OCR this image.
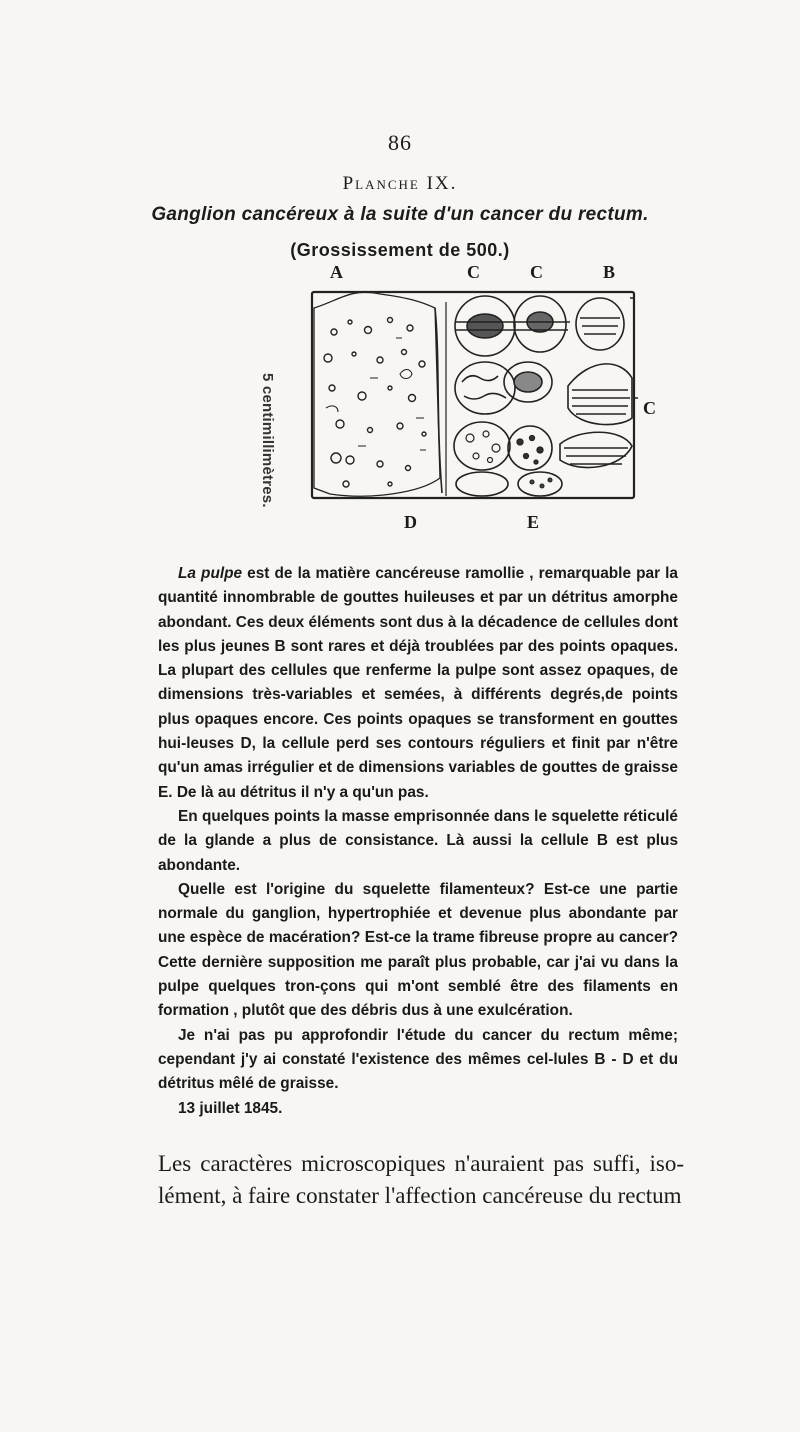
86
Planche IX.
Ganglion cancéreux à la suite d'un cancer du rectum.
(Grossissement de 500.)
A	C	C	B
C
D	E
5 centimillimètres.

La pulpe est de la matière cancéreuse ramollie , remarquable par la quantité innombrable de gouttes huileuses et par un détritus amorphe abondant. Ces deux éléments sont dus à la décadence de cellules dont les plus jeunes B sont rares et déjà troublées par des points opaques. La plupart des cellules que renferme la pulpe sont assez opaques, de dimensions très-variables et semées, à différents degrés,de points plus opaques encore. Ces points opaques se transforment en gouttes hui-leuses D, la cellule perd ses contours réguliers et finit par n'être qu'un amas irrégulier et de dimensions variables de gouttes de graisse E. De là au détritus il n'y a qu'un pas.

En quelques points la masse emprisonnée dans le squelette réticulé de la glande a plus de consistance. Là aussi la cellule B est plus abondante.

Quelle est l'origine du squelette filamenteux? Est-ce une partie normale du ganglion, hypertrophiée et devenue plus abondante par une espèce de macération? Est-ce la trame fibreuse propre au cancer? Cette dernière supposition me paraît plus probable, car j'ai vu dans la pulpe quelques tron-çons qui m'ont semblé être des filaments en formation , plutôt que des débris dus à une exulcération.

Je n'ai pas pu approfondir l'étude du cancer du rectum même; cependant j'y ai constaté l'existence des mêmes cel-lules B - D et du détritus mêlé de graisse.

13 juillet 1845.

Les caractères microscopiques n'auraient pas suffi, iso-lément, à faire constater l'affection cancéreuse du rectum
